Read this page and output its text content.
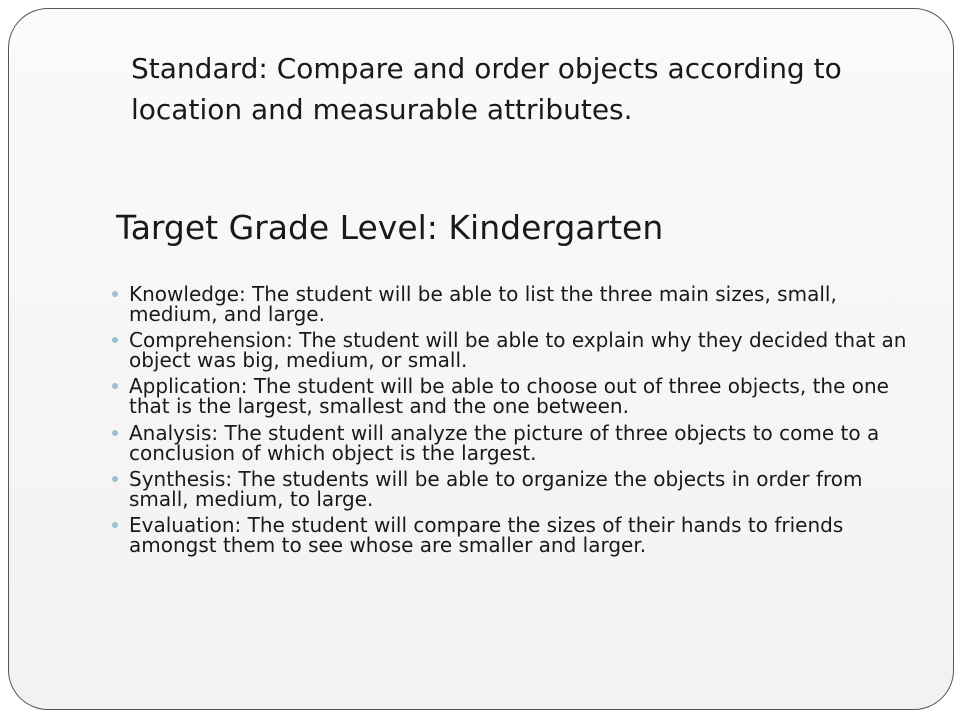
Standard: Compare and order objects according to location and measurable attributes.

Target Grade Level: Kindergarten
Knowledge: The student will be able to list the three main sizes, small, medium, and large.
Comprehension: The student will be able to explain why they decided that an object was big, medium, or small.
Application: The student will be able to choose out of three objects, the one that is the largest, smallest and the one between.
Analysis: The student will analyze the picture of three objects to come to a conclusion of which object is the largest.
Synthesis: The students will be able to organize the objects in order from small, medium, to large.
Evaluation: The student will compare the sizes of their hands to friends amongst them to see whose are smaller and larger.
